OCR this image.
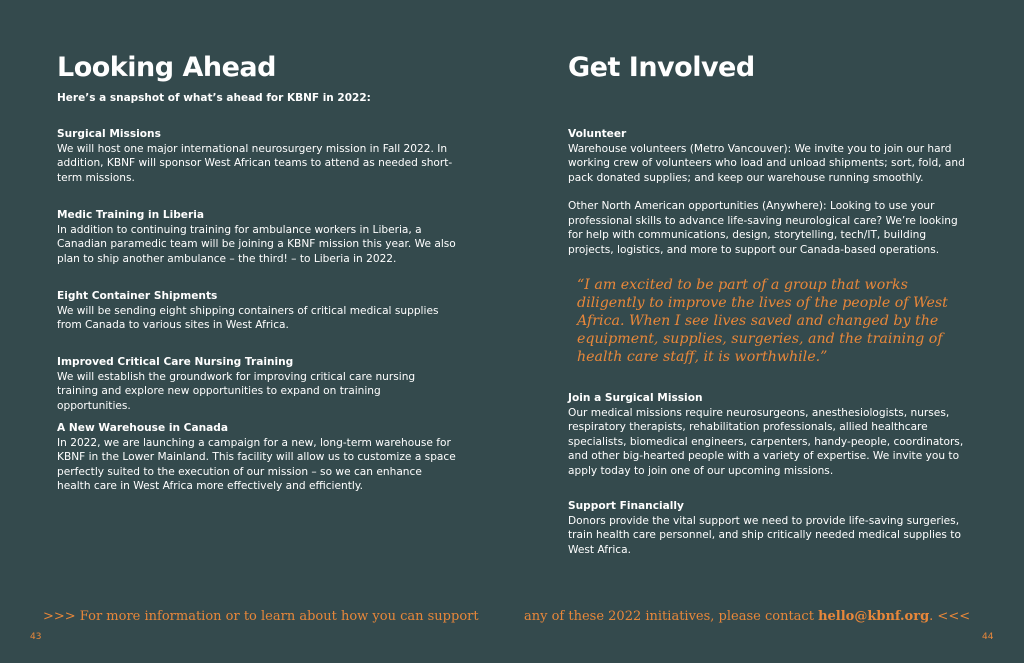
Looking Ahead
Here’s a snapshot of what’s ahead for KBNF in 2022:
Surgical Missions

We will host one major international neurosurgery mission in Fall 2022. In addition, KBNF will sponsor West African teams to attend as needed short-term missions.

Medic Training in Liberia

In addition to continuing training for ambulance workers in Liberia, a Canadian paramedic team will be joining a KBNF mission this year. We also plan to ship another ambulance – the third! – to Liberia in 2022.

Eight Container Shipments

We will be sending eight shipping containers of critical medical supplies from Canada to various sites in West Africa.

Improved Critical Care Nursing Training

We will establish the groundwork for improving critical care nursing training and explore new opportunities to expand on training opportunities.

A New Warehouse in Canada

In 2022, we are launching a campaign for a new, long-term warehouse for KBNF in the Lower Mainland. This facility will allow us to customize a space perfectly suited to the execution of our mission – so we can enhance health care in West Africa more effectively and efficiently.

43
Get Involved
Volunteer

Warehouse volunteers (Metro Vancouver): We invite you to join our hard working crew of volunteers who load and unload shipments; sort, fold, and pack donated supplies; and keep our warehouse running smoothly.

Other North American opportunities (Anywhere): Looking to use your professional skills to advance life-saving neurological care? We’re looking for help with communications, design, storytelling, tech/IT, building projects, logistics, and more to support our Canada-based operations.

“I am excited to be part of a group that works diligently to improve the lives of the people of West Africa. When I see lives saved and changed by the equipment, supplies, surgeries, and the training of health care staff, it is worthwhile.”
Join a Surgical Mission

Our medical missions require neurosurgeons, anesthesiologists, nurses, respiratory therapists, rehabilitation professionals, allied healthcare specialists, biomedical engineers, carpenters, handy-people, coordinators, and other big-hearted people with a variety of expertise. We invite you to apply today to join one of our upcoming missions.

Support Financially

Donors provide the vital support we need to provide life-saving surgeries, train health care personnel, and ship critically needed medical supplies to West Africa.

44
>>> For more information or to learn about how you can support	any of these 2022 initiatives, please contact hello@kbnf.org. <<<
